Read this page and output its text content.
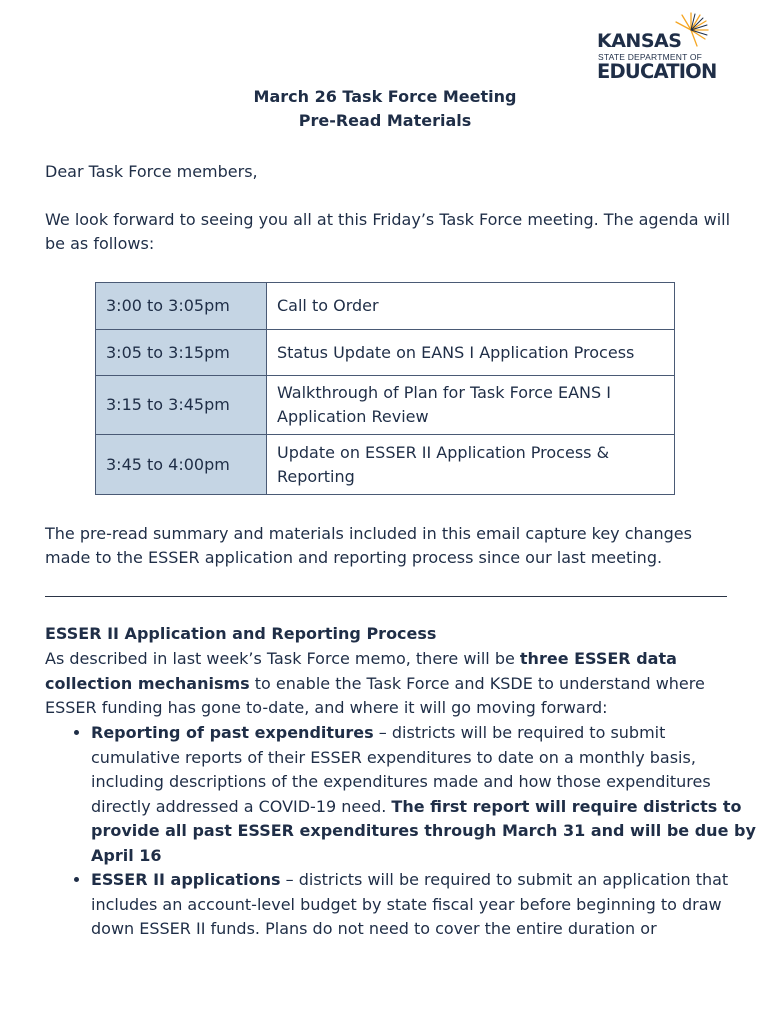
KANSAS
STATE DEPARTMENT OF
EDUCATION
March 26 Task Force Meeting
Pre-Read Materials

Dear Task Force members,

We look forward to seeing you all at this Friday’s Task Force meeting. The agenda will be as follows:

3:00 to 3:05pm	Call to Order
3:05 to 3:15pm	Status Update on EANS I Application Process
3:15 to 3:45pm	Walkthrough of Plan for Task Force EANS I Application Review
3:45 to 4:00pm	Update on ESSER II Application Process & Reporting

The pre-read summary and materials included in this email capture key changes made to the ESSER application and reporting process since our last meeting.

ESSER II Application and Reporting Process
As described in last week’s Task Force memo, there will be three ESSER data collection mechanisms to enable the Task Force and KSDE to understand where ESSER funding has gone to-date, and where it will go moving forward:
• Reporting of past expenditures – districts will be required to submit cumulative reports of their ESSER expenditures to date on a monthly basis, including descriptions of the expenditures made and how those expenditures directly addressed a COVID-19 need. The first report will require districts to provide all past ESSER expenditures through March 31 and will be due by April 16
• ESSER II applications – districts will be required to submit an application that includes an account-level budget by state fiscal year before beginning to draw down ESSER II funds. Plans do not need to cover the entire duration or
